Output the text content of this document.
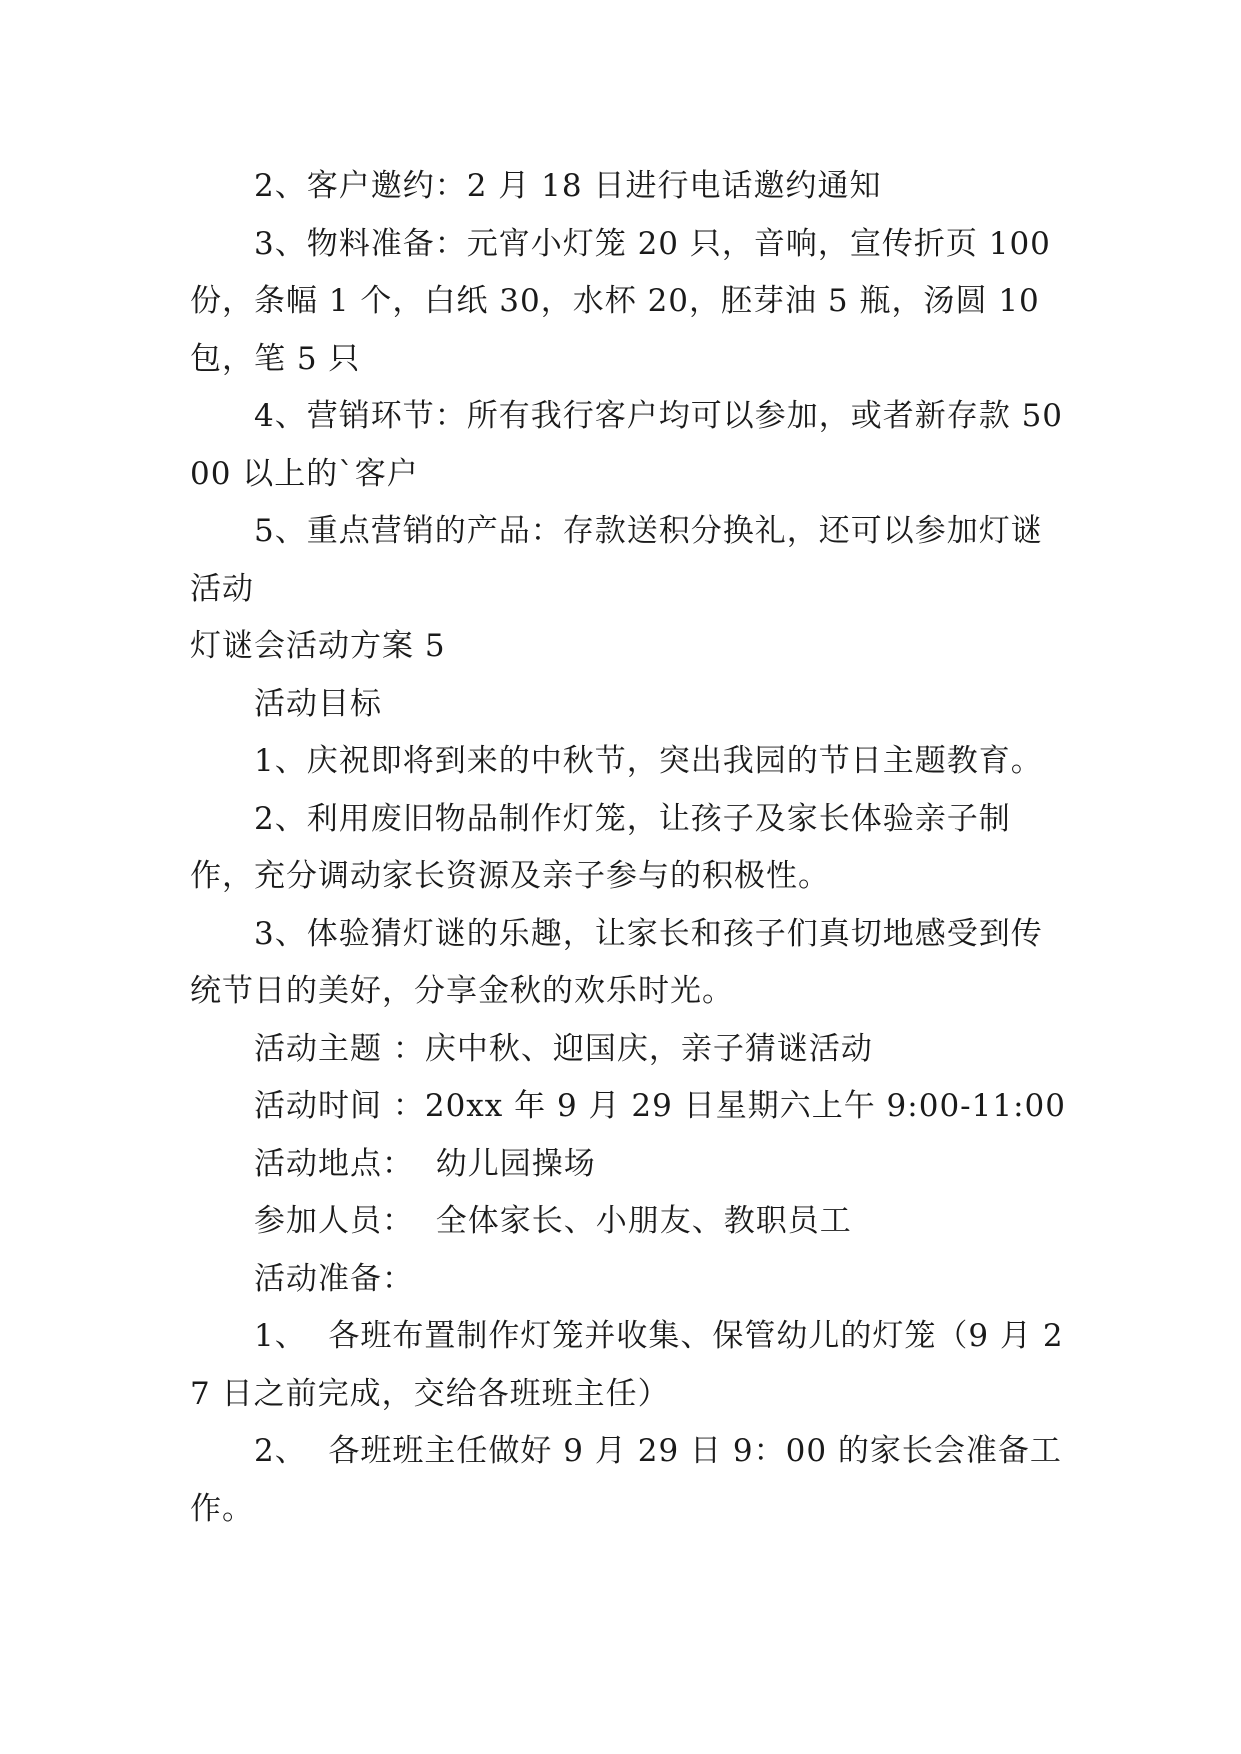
2、客户邀约：2 月 18 日进行电话邀约通知

3、物料准备：元宵小灯笼 20 只，音响，宣传折页 100 份，条幅 1 个，白纸 30，水杯 20，胚芽油 5 瓶，汤圆 10 包，笔 5 只

4、营销环节：所有我行客户均可以参加，或者新存款 5000 以上的`客户

5、重点营销的产品：存款送积分换礼，还可以参加灯谜活动

灯谜会活动方案 5

活动目标

1、庆祝即将到来的中秋节，突出我园的节日主题教育。

2、利用废旧物品制作灯笼，让孩子及家长体验亲子制作，充分调动家长资源及亲子参与的积极性。

3、体验猜灯谜的乐趣，让家长和孩子们真切地感受到传统节日的美好，分享金秋的欢乐时光。

活动主题 ：庆中秋、迎国庆，亲子猜谜活动

活动时间 ：20xx 年 9 月 29 日星期六上午 9:00-11:00

活动地点：  幼儿园操场

参加人员：  全体家长、小朋友、教职员工

活动准备：

1、  各班布置制作灯笼并收集、保管幼儿的灯笼（9 月 27 日之前完成，交给各班班主任）

2、  各班班主任做好 9 月 29 日 9：00 的家长会准备工作。
